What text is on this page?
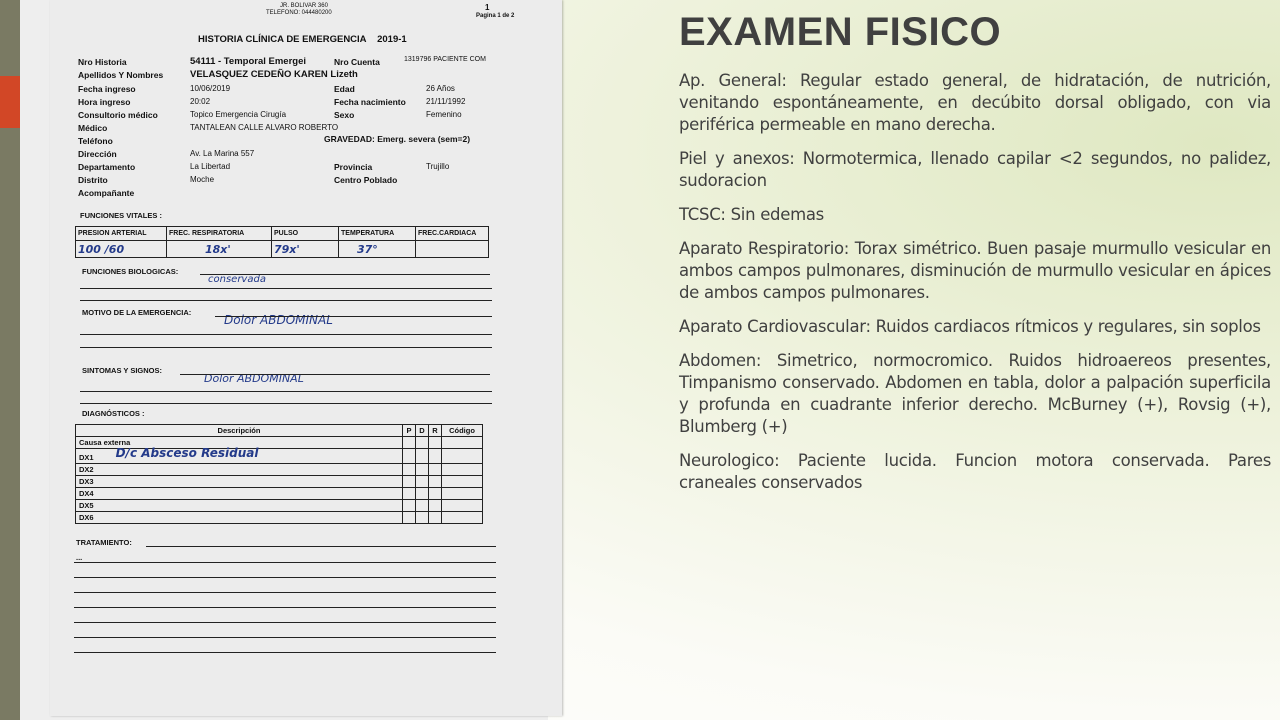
JR. BOLIVAR 360
TELEFONO: 044480200
1
Pagina 1 de 2
HISTORIA CLÍNICA DE EMERGENCIA 2019-1
Nro Historia	54111 - Temporal Emergei	Nro Cuenta	1319796 PACIENTE COM
Apellidos Y Nombres	VELASQUEZ CEDEÑO KAREN Lizeth
Fecha ingreso	10/06/2019	Edad	26 Años
Hora ingreso	20:02	Fecha nacimiento	21/11/1992
Consultorio médico	Topico Emergencia Cirugía	Sexo	Femenino
Médico	TANTALEAN CALLE ALVARO ROBERTO
Teléfono	GRAVEDAD: Emerg. severa (sem=2)
Dirección	Av. La Marina 557
Departamento	La Libertad	Provincia	Trujillo
Distrito	Moche	Centro Poblado
Acompañante
FUNCIONES VITALES :
PRESION ARTERIAL	FREC. RESPIRATORIA	PULSO	TEMPERATURA	FREC.CARDIACA
100 /60	18x'	79x'	37°	
FUNCIONES BIOLOGICAS:
conservada
MOTIVO DE LA EMERGENCIA:
Dolor ABDOMINAL
SINTOMAS Y SIGNOS:
Dolor ABDOMINAL
DIAGNÓSTICOS :
Descripción	P	D	R	Código
Causa externa				
DX1 D/c Absceso Residual				
DX2				
DX3				
DX4				
DX5				
DX6				
TRATAMIENTO:
...
EXAMEN FISICO

Ap. General: Regular estado general, de hidratación, de nutrición, venitando espontáneamente, en decúbito dorsal obligado, con via periférica permeable en mano derecha.

Piel y anexos: Normotermica, llenado capilar <2 segundos, no palidez, sudoracion

TCSC: Sin edemas

Aparato Respiratorio: Torax simétrico. Buen pasaje murmullo vesicular en ambos campos pulmonares, disminución de murmullo vesicular en ápices de ambos campos pulmonares.

Aparato Cardiovascular: Ruidos cardiacos rítmicos y regulares, sin soplos

Abdomen: Simetrico, normocromico. Ruidos hidroaereos presentes, Timpanismo conservado. Abdomen en tabla, dolor a palpación superficila y profunda en cuadrante inferior derecho. McBurney (+), Rovsig (+), Blumberg (+)

Neurologico: Paciente lucida. Funcion motora conservada. Pares craneales conservados
